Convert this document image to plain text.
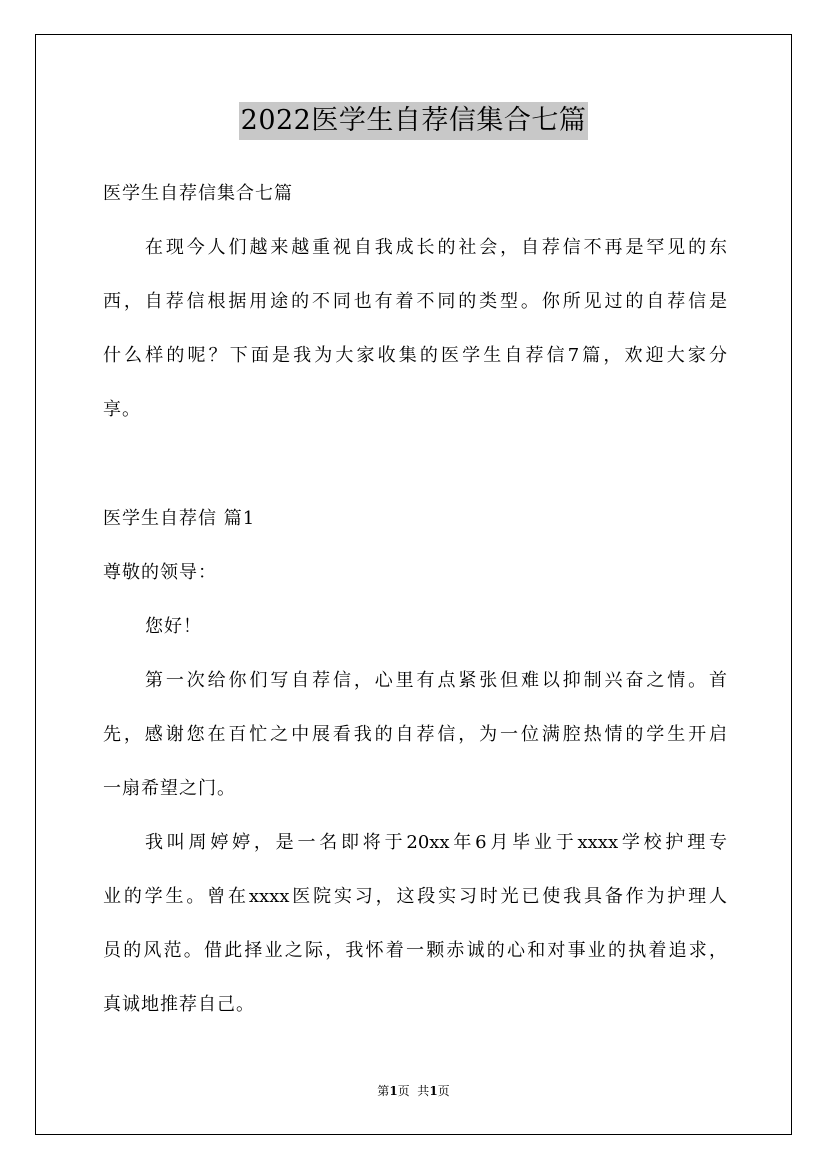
2022医学生自荐信集合七篇
医学生自荐信集合七篇
在现今人们越来越重视自我成长的社会，自荐信不再是罕见的东
西，自荐信根据用途的不同也有着不同的类型。你所见过的自荐信是
什么样的呢？下面是我为大家收集的医学生自荐信7篇，欢迎大家分
享。
医学生自荐信 篇1
尊敬的领导：
您好！
第一次给你们写自荐信，心里有点紧张但难以抑制兴奋之情。首
先，感谢您在百忙之中展看我的自荐信，为一位满腔热情的学生开启
一扇希望之门。
我叫周婷婷，是一名即将于20xx年6月毕业于xxxx学校护理专
业的学生。曾在xxxx医院实习，这段实习时光已使我具备作为护理人
员的风范。借此择业之际，我怀着一颗赤诚的心和对事业的执着追求，
真诚地推荐自己。
第1页  共1页
